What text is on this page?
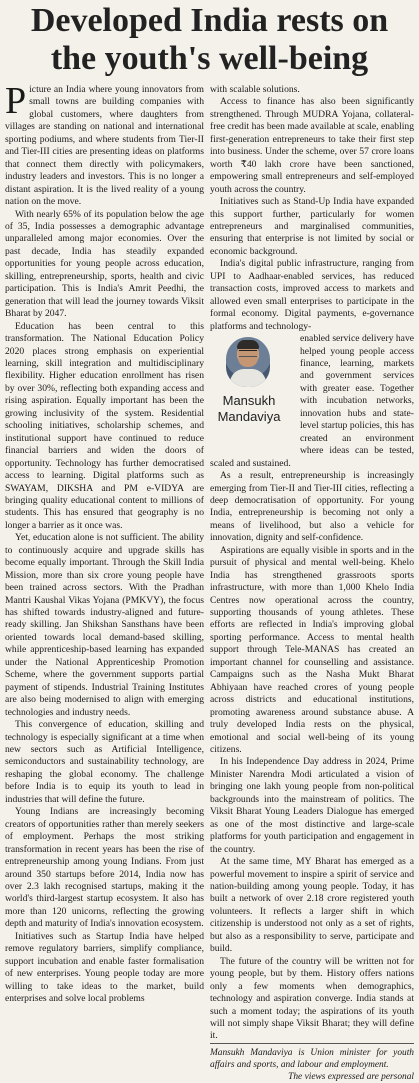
Developed India rests on the youth's well-being

Picture an India where young innovators from small towns are building companies with global customers, where daughters from villages are standing on national and international sporting podiums, and where students from Tier-II and Tier-III cities are presenting ideas on platforms that connect them directly with policymakers, industry leaders and investors. This is no longer a distant aspiration. It is the lived reality of a young nation on the move.

With nearly 65% of its population below the age of 35, India possesses a demographic advantage unparalleled among major economies. Over the past decade, India has steadily expanded opportunities for young people across education, skilling, entrepreneurship, sports, health and civic participation. This is India's Amrit Peedhi, the generation that will lead the journey towards Viksit Bharat by 2047.

Education has been central to this transformation. The National Education Policy 2020 places strong emphasis on experiential learning, skill integration and multidisciplinary flexibility. Higher education enrollment has risen by over 30%, reflecting both expanding access and rising aspiration. Equally important has been the growing inclusivity of the system. Residential schooling initiatives, scholarship schemes, and institutional support have continued to reduce financial barriers and widen the doors of opportunity. Technology has further democratised access to learning. Digital platforms such as SWAYAM, DIKSHA and PM e-VIDYA are bringing quality educational content to millions of students. This has ensured that geography is no longer a barrier as it once was.

Yet, education alone is not sufficient. The ability to continuously acquire and upgrade skills has become equally important. Through the Skill India Mission, more than six crore young people have been trained across sectors. With the Pradhan Mantri Kaushal Vikas Yojana (PMKVY), the focus has shifted towards industry-aligned and future-ready skilling. Jan Shikshan Sansthans have been oriented towards local demand-based skilling, while apprenticeship-based learning has expanded under the National Apprenticeship Promotion Scheme, where the government supports partial payment of stipends. Industrial Training Institutes are also being modernised to align with emerging technologies and industry needs.

This convergence of education, skilling and technology is especially significant at a time when new sectors such as Artificial Intelligence, semiconductors and sustainability technology, are reshaping the global economy. The challenge before India is to equip its youth to lead in industries that will define the future.

Young Indians are increasingly becoming creators of opportunities rather than merely seekers of employment. Perhaps the most striking transformation in recent years has been the rise of entrepreneurship among young Indians. From just around 350 startups before 2014, India now has over 2.3 lakh recognised startups, making it the world's third-largest startup ecosystem. It also has more than 120 unicorns, reflecting the growing depth and maturity of India's innovation ecosystem.

Initiatives such as Startup India have helped remove regulatory barriers, simplify compliance, support incubation and enable faster formalisation of new enterprises. Young people today are more willing to take ideas to the market, build enterprises and solve local problems

with scalable solutions.

Access to finance has also been significantly strengthened. Through MUDRA Yojana, collateral-free credit has been made available at scale, enabling first-generation entrepreneurs to take their first step into business. Under the scheme, over 57 crore loans worth ₹40 lakh crore have been sanctioned, empowering small entrepreneurs and self-employed youth across the country.

Initiatives such as Stand-Up India have expanded this support further, particularly for women entrepreneurs and marginalised communities, ensuring that enterprise is not limited by social or economic background.

India's digital public infrastructure, ranging from UPI to Aadhaar-enabled services, has reduced transaction costs, improved access to markets and allowed even small enterprises to participate in the formal economy. Digital payments, e-governance platforms and technology-

Mansukh
Mandaviya

enabled service delivery have helped young people access finance, learning, markets and government services with greater ease. Together with incubation networks, innovation hubs and state-level startup policies, this has created an environment where ideas can be tested, scaled and sustained.

As a result, entrepreneurship is increasingly emerging from Tier-II and Tier-III cities, reflecting a deep democratisation of opportunity. For young India, entrepreneurship is becoming not only a means of livelihood, but also a vehicle for innovation, dignity and self-confidence.

Aspirations are equally visible in sports and in the pursuit of physical and mental well-being. Khelo India has strengthened grassroots sports infrastructure, with more than 1,000 Khelo India Centres now operational across the country, supporting thousands of young athletes. These efforts are reflected in India's improving global sporting performance. Access to mental health support through Tele-MANAS has created an important channel for counselling and assistance. Campaigns such as the Nasha Mukt Bharat Abhiyaan have reached crores of young people across districts and educational institutions, promoting awareness around substance abuse. A truly developed India rests on the physical, emotional and social well-being of its young citizens.

In his Independence Day address in 2024, Prime Minister Narendra Modi articulated a vision of bringing one lakh young people from non-political backgrounds into the mainstream of politics. The Viksit Bharat Young Leaders Dialogue has emerged as one of the most distinctive and large-scale platforms for youth participation and engagement in the country.

At the same time, MY Bharat has emerged as a powerful movement to inspire a spirit of service and nation-building among young people. Today, it has built a network of over 2.18 crore registered youth volunteers. It reflects a larger shift in which citizenship is understood not only as a set of rights, but also as a responsibility to serve, participate and build.

The future of the country will be written not for young people, but by them. History offers nations only a few moments when demographics, technology and aspiration converge. India stands at such a moment today; the aspirations of its youth will not simply shape Viksit Bharat; they will define it.

Mansukh Mandaviya is Union minister for youth affairs and sports, and labour and employment.
The views expressed are personal
